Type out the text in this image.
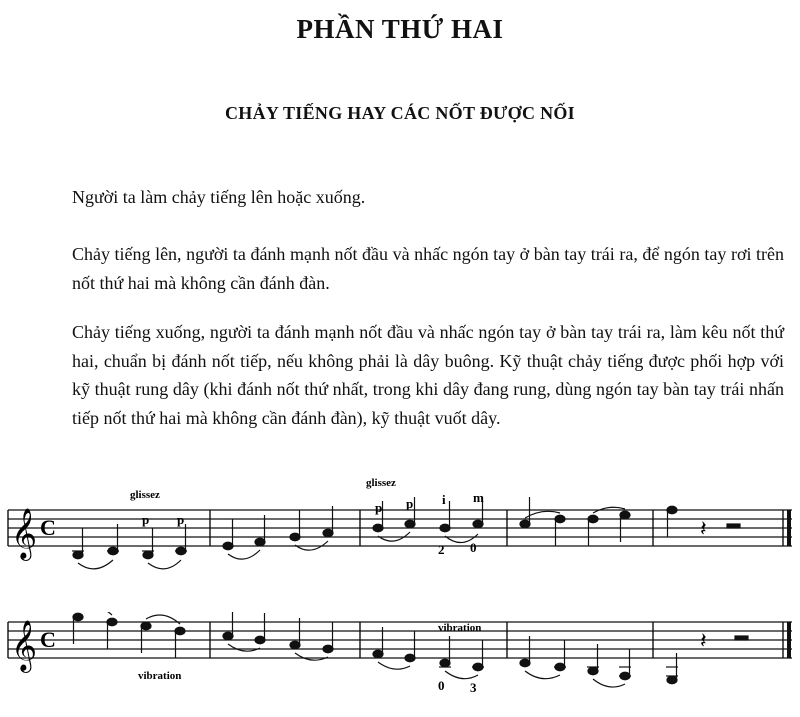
PHẦN THỨ HAI
CHẢY TIẾNG HAY CÁC NỐT ĐƯỢC NỐI

Người ta làm chảy tiếng lên hoặc xuống.

Chảy tiếng lên, người ta đánh mạnh nốt đầu và nhấc ngón tay ở bàn tay trái ra, để ngón tay rơi trên nốt thứ hai mà không cần đánh đàn.

Chảy tiếng xuống, người ta đánh mạnh nốt đầu và nhấc ngón tay ở bàn tay trái ra, làm kêu nốt thứ hai, chuẩn bị đánh nốt tiếp, nếu không phải là dây buông. Kỹ thuật chảy tiếng được phối hợp với kỹ thuật rung dây (khi đánh nốt thứ nhất, trong khi dây đang rung, dùng ngón tay bàn tay trái nhấn tiếp nốt thứ hai mà không cần đánh đàn), kỹ thuật vuốt dây.

𝄞 C	𝄽
glissez
glissez
p p
p p i m
2 0
𝄞 C	𝄽
vibration
vibration
0 3
